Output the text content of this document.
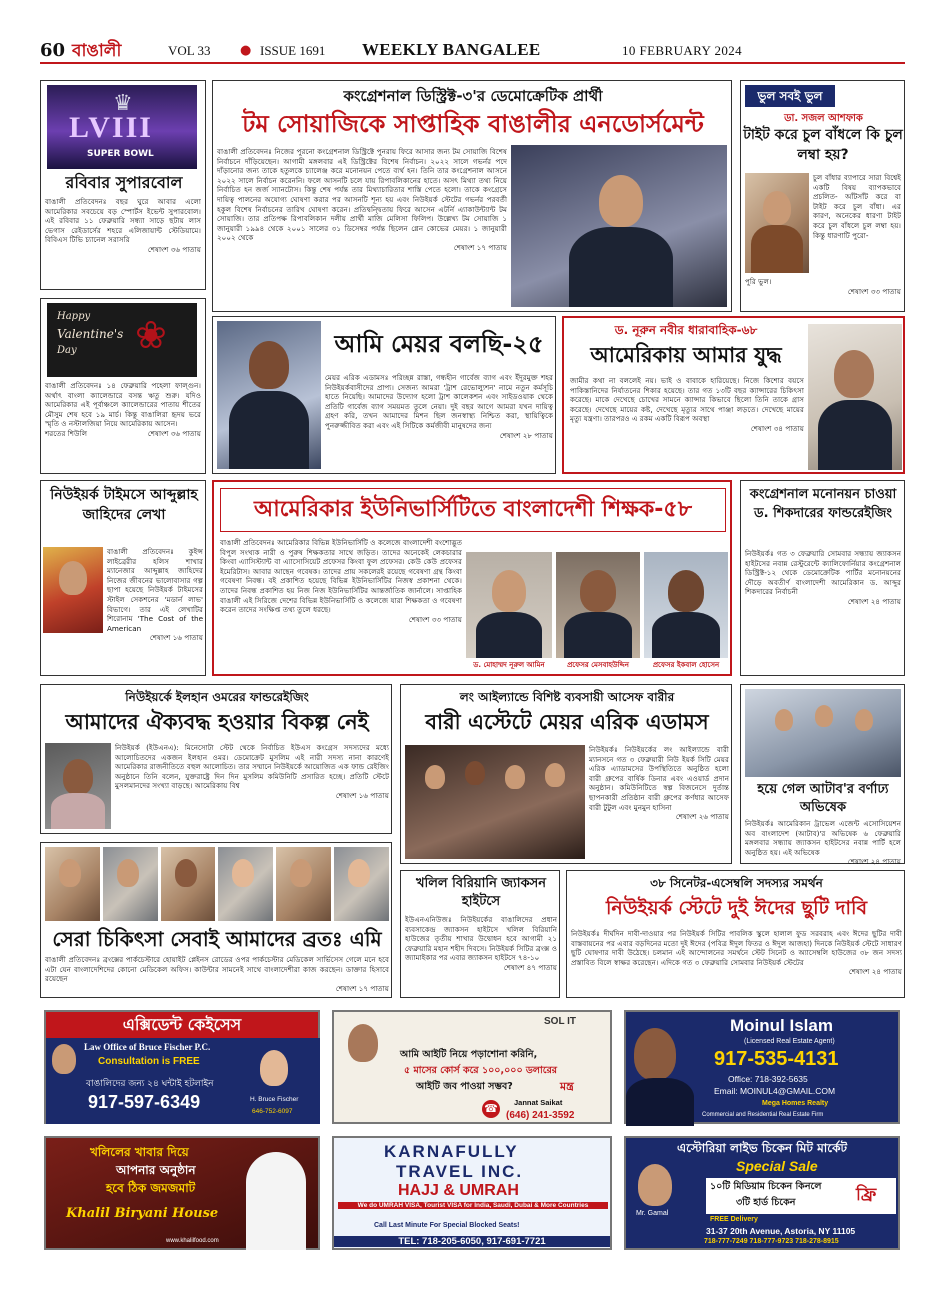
60 বাঙালী	VOL 33 ● ISSUE 1691 WEEKLY BANGALEE	10 FEBRUARY 2024
♛
LVIII
SUPER BOWL
রবিবার সুপারবোল
বাঙালী প্রতিবেদনঃ বছর ঘুরে আবার এলো আমেরিকার সবচেয়ে বড় স্পোর্টস ইভেন্ট সুপারবোল। এই রবিবার ১১ ফেব্রুয়ারি সন্ধ্যা সাড়ে ছটায় লাস ভেগাস রেইডার্সের শহরে এলিজায়ান্ট স্টেডিয়ামে। বিবিএস টিভি চ্যানেল সরাসরি
শেষাংশ ৩৬ পাতায়
কংগ্রেশনাল ডিস্ট্রিক্ট-৩'র ডেমোক্রেটিক প্রার্থী
টম সোয়াজিকে সাপ্তাহিক বাঙালীর এনডোর্সমেন্ট
বাঙালী প্রতিবেদনঃ নিজের পুরনো কংগ্রেশনাল ডিস্ট্রিক্টে পুনরায় ফিরে আসার জন্য টম সোয়াজি বিশেষ নির্বাচনে দাঁড়িয়েছেন। আগামী মঙ্গলবার এই ডিস্ট্রিক্টের বিশেষ নির্বাচন। ২০২২ সালে গভর্নর পদে দাঁড়ানোর জন্য তাকে হতুলকে চ্যালেঞ্জ করে মনোনয়ন পেতে ব্যর্থ হন। তিনি তার কংগ্রেশনাল আসনে ২০২২ সালে নির্বাচন করেননি। ফলে আসনটি চলে যায় রিপাবলিকানের হাতে। অসৎ মিথ্যা তথ্য নিয়ে নির্বাচিত হন জর্জ স্যানটোস। কিন্তু শেষ পর্যন্ত তার মিথ্যাচারিতার শাস্তি পেতে হলো। তাকে কংগ্রেসে দায়িত্ব পালনের অযোগ্য ঘোষণা করার পর আসনটি শূন্য হয় এবং নিউইয়র্ক স্টেটের গভর্নর পরবর্তী হকুল বিশেষ নির্বাচনের তারিখ ঘোষণা করেন। প্রতিদ্বন্দ্বিতায় ফিরে আসেন এটর্নি এ্যাকাউন্ট্যান্ট টম সোয়াজি। তার প্রতিপক্ষ রিপাবলিকান দলীয় প্রার্থী মাজি মেলিসা ফিলিপ। উল্লেখ্য টম সোয়াজি ১ জানুয়ারী ১৯৯৪ থেকে ২০০১ সালের ৩১ ডিসেম্বর পর্যন্ত ছিলেন গ্লেন কোভের মেয়র। ১ জানুয়ারী ২০০২ থেকে
শেষাংশ ১৭ পাতায়
ভুল সবই ভুল
ডা. সজল আশফাক
টাইট করে চুল বাঁধলে কি চুল লম্বা হয়?
চুল বাঁধার ব্যাপারে সারা বিশ্বেই একটি বিষয় ব্যাপকভাবে প্রচলিত- আঁটসাঁট করে বা টাইট করে চুল বাঁধা। এর কারণ, অনেকের ধারণা টাইট করে চুল বাঁধলে চুল লম্বা হয়। কিন্তু ধারণাটি পুরো-
পুরি ভুল।
শেষাংশ ৩৩ পাতায়
Happy
Valentine's
Day ❀
বাঙালী প্রতিবেদনঃ ১৪ ফেব্রুয়ারি পহেলা ফাল্গুন। অর্থাৎ বাংলা ক্যালেন্ডারে বসন্ত ঋতু শুরু। যদিও আমেরিকার এই পূর্বাঞ্চলে ক্যালেন্ডারের পাতায় শীতের মৌসুম শেষ হবে ১৯ মার্চ। কিন্তু বাঙালিরা হৃদয় ভরে স্মৃতি ও নস্টালজিয়া নিয়ে আমেরিকায় আসেন।
শরতের শিউলি	শেষাংশ ৩৬ পাতায়
আমি মেয়র বলছি-২৫
মেয়র এরিক এডামসঃ পরিচ্ছন্ন রাস্তা, গন্ধহীন গার্বেজ ব্যাগ এবং ইঁদুরমুক্ত শহর নিউইয়র্কবাসীদের প্রাপ্য। সেজন্য আমরা 'ট্রাশ রেভোল্যুশন' নামে নতুন কর্মসূচি হাতে নিয়েছি। আমাদের উদ্যোগ হলো ট্রাশ কালেকশন এবং সাইডওয়াক থেকে প্রতিটি গার্বেজ ব্যাগ সময়মত তুলে নেয়া। দুই বছর আগে আমরা যখন দায়িত্ব গ্রহণ করি, তখন আমাদের মিশন ছিল জনস্বাস্থ্য নিশ্চিত করা, স্থায়িত্বিকে পুনরুজ্জীবিত করা এবং এই সিটিকে কর্মজীবী মানুষদের জন্য
শেষাংশ ২৮ পাতায়
ড. নূরুন নবীর ধারাবাহিক-৬৮
আমেরিকায় আমার যুদ্ধ
জামীর কথা না বললেই নয়। ভাই ও বাবাকে হারিয়েছে। নিজে কিশোর বয়সে পাকিস্তানিদের নির্যাতনের শিকার হয়েছে। তার গত ১৩টি বছর ক্যান্সারের চিকিৎসা করেছে। মাকে দেখেছে চোখের সামনে ক্যান্সার কিভাবে ছিলো তিনি তাকে গ্রাস করেছে। দেখেছে মায়ের কষ্ট, দেখেছে মৃত্যুর সাথে পাঞ্জা লড়তে। দেখেছে মায়ের মৃত্যু যন্ত্রণা। তারপরও এ রকম একটি বিরূপ অবস্থা
শেষাংশ ৩৪ পাতায়
নিউইয়র্ক টাইমসে আব্দুল্লাহ জাহিদের লেখা
বাঙালী প্রতিবেদনঃ কুইন্স লাইব্রেরীর হলিস শাখার ম্যানেজার আব্দুল্লাহ জাহিদের নিজের জীবনের ভালোবাসার গল্প ছাপা হয়েছে নিউইয়র্ক টাইমসের স্টাইল সেকশনের 'মডার্ন লাভ' বিভাগে। তার এই লেখাটির শিরোনাম 'The Cost of the American
শেষাংশ ১৬ পাতায়
আমেরিকার ইউনিভার্সিটিতে বাংলাদেশী শিক্ষক-৫৮
বাঙালী প্রতিবেদনঃ আমেরিকার বিভিন্ন ইউনিভার্সিটি ও কলেজে বাংলাদেশী বংশোদ্ভূত বিপুল সংখ্যক নারী ও পুরুষ শিক্ষকতার সাথে জড়িত। তাদের অনেকেই লেকচারার কিংবা এ্যাসিস্ট্যান্ট বা এ্যাসোসিয়েট প্রফেসর কিংবা ফুল প্রফেসর। কেউ কেউ প্রফেসর ইমেরিটাস। আবার আছেন গবেষক। তাদের প্রায় সকলেরই রয়েছে গবেষণা গ্রন্থ কিংবা গবেষণা নিবন্ধ। বই প্রকাশিত হয়েছে বিভিন্ন ইউনিভার্সিটির নিজস্ব প্রকাশনা থেকে। তাদের নিবন্ধ প্রকাশিত হয় নিজ নিজ ইউনিভার্সিটির আন্তর্জাতিক জার্নালে। সাপ্তাহিক বাঙালী এই সিরিজে দেশের বিভিন্ন ইউনিভার্সিটি ও কলেজে যারা শিক্ষকতা ও গবেষণা করেন তাদের সংক্ষিপ্ত তথ্য তুলে ধরছে।
শেষাংশ ৩৩ পাতায়
ড. মোহাম্মদ নূরুল আমিন	প্রফেসর মেসবাহউদ্দিন	প্রফেসর ইকবাল হোসেন
কংগ্রেশনাল মনোনয়ন চাওয়া ড. শিকদারের ফান্ডরেইজিং
নিউইয়র্কঃ গত ৩ ফেব্রুয়ারি সোমবার সন্ধ্যায় জ্যাকসন হাইটসের নবান্ন রেস্টুরেন্টে ক্যালিফোর্নিয়ার কংগ্রেশনাল ডিস্ট্রিক্ট-১২ থেকে ডেমোক্রেটিক পার্টির মনোনয়নের দৌড়ে অবতীর্ণ বাংলাদেশী আমেরিকান ড. আব্দুর শিকদারের নির্বাচনী
শেষাংশ ২৪ পাতায়
নিউইয়র্কে ইলহান ওমরের ফান্ডরেইজিং
আমাদের ঐক্যবদ্ধ হওয়ার বিকল্প নেই
নিউইয়র্ক (ইউএনএ): মিনেসোটা স্টেট থেকে নির্বাচিত ইউএস কংগ্রেস সদস্যদের মধ্যে আলোচিতদের একজন ইলহান ওমর। ডেমোক্রেট মুসলিম এই নারী সদস্য নানা কারণেই আমেরিকার রাজনীতিতে বহুল আলোচিত। তার সম্মানে নিউইয়র্কে আয়োজিত এক ফান্ড রেইজিং অনুষ্ঠানে তিনি বলেন, যুক্তরাষ্ট্রে দিন দিন মুসলিম কমিউনিটি প্রসারিত হচ্ছে। প্রতিটি স্টেটে মুসলমানদের সংখ্যা বাড়ছে। আমেরিকায় বিশ্ব
শেষাংশ ১৬ পাতায়
লং আইল্যান্ডে বিশিষ্ট ব্যবসায়ী আসেফ বারীর
বারী এস্টেটে মেয়র এরিক এডামস
নিউইয়র্কঃ নিউইয়র্কের লং আইল্যান্ডে বারী ম্যানসনে গত ৩ ফেব্রুয়ারী নিউ ইয়র্ক সিটি মেয়র এরিক এ্যাডামসের উপস্থিতিতে অনুষ্ঠিত হলো বারী গ্রুপের বার্ষিক ডিনার এবং এওয়ার্ড প্রদান অনুষ্ঠান। কমিউনিটিতে স্বল্প বিজনেসে দুর্তান্ত ছাপনকারী প্রতিষ্ঠান বারী গ্রুপের কর্ণধার আসেফ বারী টুটুল এবং মুনমুন হাসিনা
শেষাংশ ২৬ পাতায়
হয়ে গেল আটাব'র বর্ণাঢ্য অভিষেক
নিউইয়র্কঃ আমেরিকান ট্রাভেল এজেন্ট এসোসিয়েশন অব বাংলাদেশ (আটাব)'র অভিষেক ৬ ফেব্রুয়ারি মঙ্গলবার সন্ধ্যায় জ্যাকসন হাইটসের নবান্ন পার্টি হলে অনুষ্ঠিত হয়। এই অভিষেক
শেষাংশ ২৪ পাতায়
সেরা চিকিৎসা সেবাই আমাদের ব্রতঃ এমি
বাঙালী প্রতিবেদনঃ ব্রংক্সের পার্কচেস্টারে হোয়াইট প্লেইনস রোডের ওপর পার্কচেস্টার মেডিকেল সার্ভিসেস গেলে মনে হবে এটা যেন বাংলাদেশিদের কোনো মেডিকেল অফিস। কাউন্টার সামনেই সাথে বাংলাদেশীরা কাজ করছেন। ডাক্তার হিসাবে রয়েছেন
শেষাংশ ১৭ পাতায়
খলিল বিরিয়ানি জ্যাকসন হাইটসে
ইউএনএনিউজঃ নিউইয়র্কের বাঙালিদের প্রধান ব্যবসাকেন্দ্র জ্যাকসন হাইটসে খলিল বিরিয়ানি হাউজের তৃতীয় শাখার উদ্বোধন হবে আগামী ২১ ফেব্রুয়ারি মহান শহীদ দিবসে। নিউইয়র্ক সিটির ব্রংক্স ও জ্যামাইকার পর এবার জ্যাকসন হাইটসে ৭৪-১০
শেষাংশ ৪৭ পাতায়
৩৮ সিনেটর-এসেম্বলি সদস্যর সমর্থন
নিউইয়র্ক স্টেটে দুই ঈদের ছুটি দাবি
নিউইয়র্কঃ দীর্ঘদিন দাবী-দাওয়ার পর নিউইয়র্ক সিটির পাবলিক স্কুলে হালাল ফুড সরবরাহ এবং ঈদের ছুটির দাবী বাস্তবায়নের পর এবার বড়দিনের মতো দুই ঈদের (পবিত্র ঈদুল ফিতর ও ঈদুল আজহা) দিনকে নিউইয়র্ক স্টেটে সাধারণ ছুটি ঘোষণার দাবী উঠেছে। চলমান এই আন্দোলনের সমর্থনে স্টেট সিনেট ও অ্যাসেম্বলি হাউজের ৩৮ জন সদস্য প্রস্তাবিত বিলে স্বাক্ষর করেছেন। এদিকে গত ৩ ফেব্রুয়ারি সোমবার নিউইয়র্ক স্টেটের
শেষাংশ ২৪ পাতায়
এক্সিডেন্ট কেইসেস
Law Office of Bruce Fischer P.C.
Consultation is FREE
বাঙালিদের জন্য ২৪ ঘন্টাই হটলাইন
917-597-6349	H. Bruce Fischer
646-752-6097
SOL IT
আমি আইটি নিয়ে পড়াশোনা করিনি,
৫ মাসের কোর্স করে ১০০,০০০ ডলারের
আইটি জব পাওয়া সম্ভব?	মন্ত্র
Jannat Saikat
(646) 241-3592
☎
Moinul Islam
(Licensed Real Estate Agent)
917-535-4131
Office: 718-392-5635
Email: MOINUL4@GMAIL.COM
Mega Homes Realty
Commercial and Residential Real Estate Firm
খলিলের খাবার দিয়ে
আপনার অনুষ্ঠান
হবে ঠিক জমজমাট
Khalil Biryani House
www.khalilfood.com
KARNAFULLY
TRAVEL INC.
HAJJ & UMRAH
We do UMRAH VISA, Tourist VISA for India, Saudi, Dubai & More Countries
Call Last Minute For Special Blocked Seats!
TEL: 718-205-6050, 917-691-7721
এস্টোরিয়া লাইভ চিকেন মিট মার্কেট
Special Sale
Mr. Gamal
১০টি মিডিয়াম চিকেন কিনলে
৩টি হার্ড চিকেন	ফ্রি
FREE Delivery
31-37 20th Avenue, Astoria, NY 11105
718-777-7249 718-777-9723 718-278-8915
